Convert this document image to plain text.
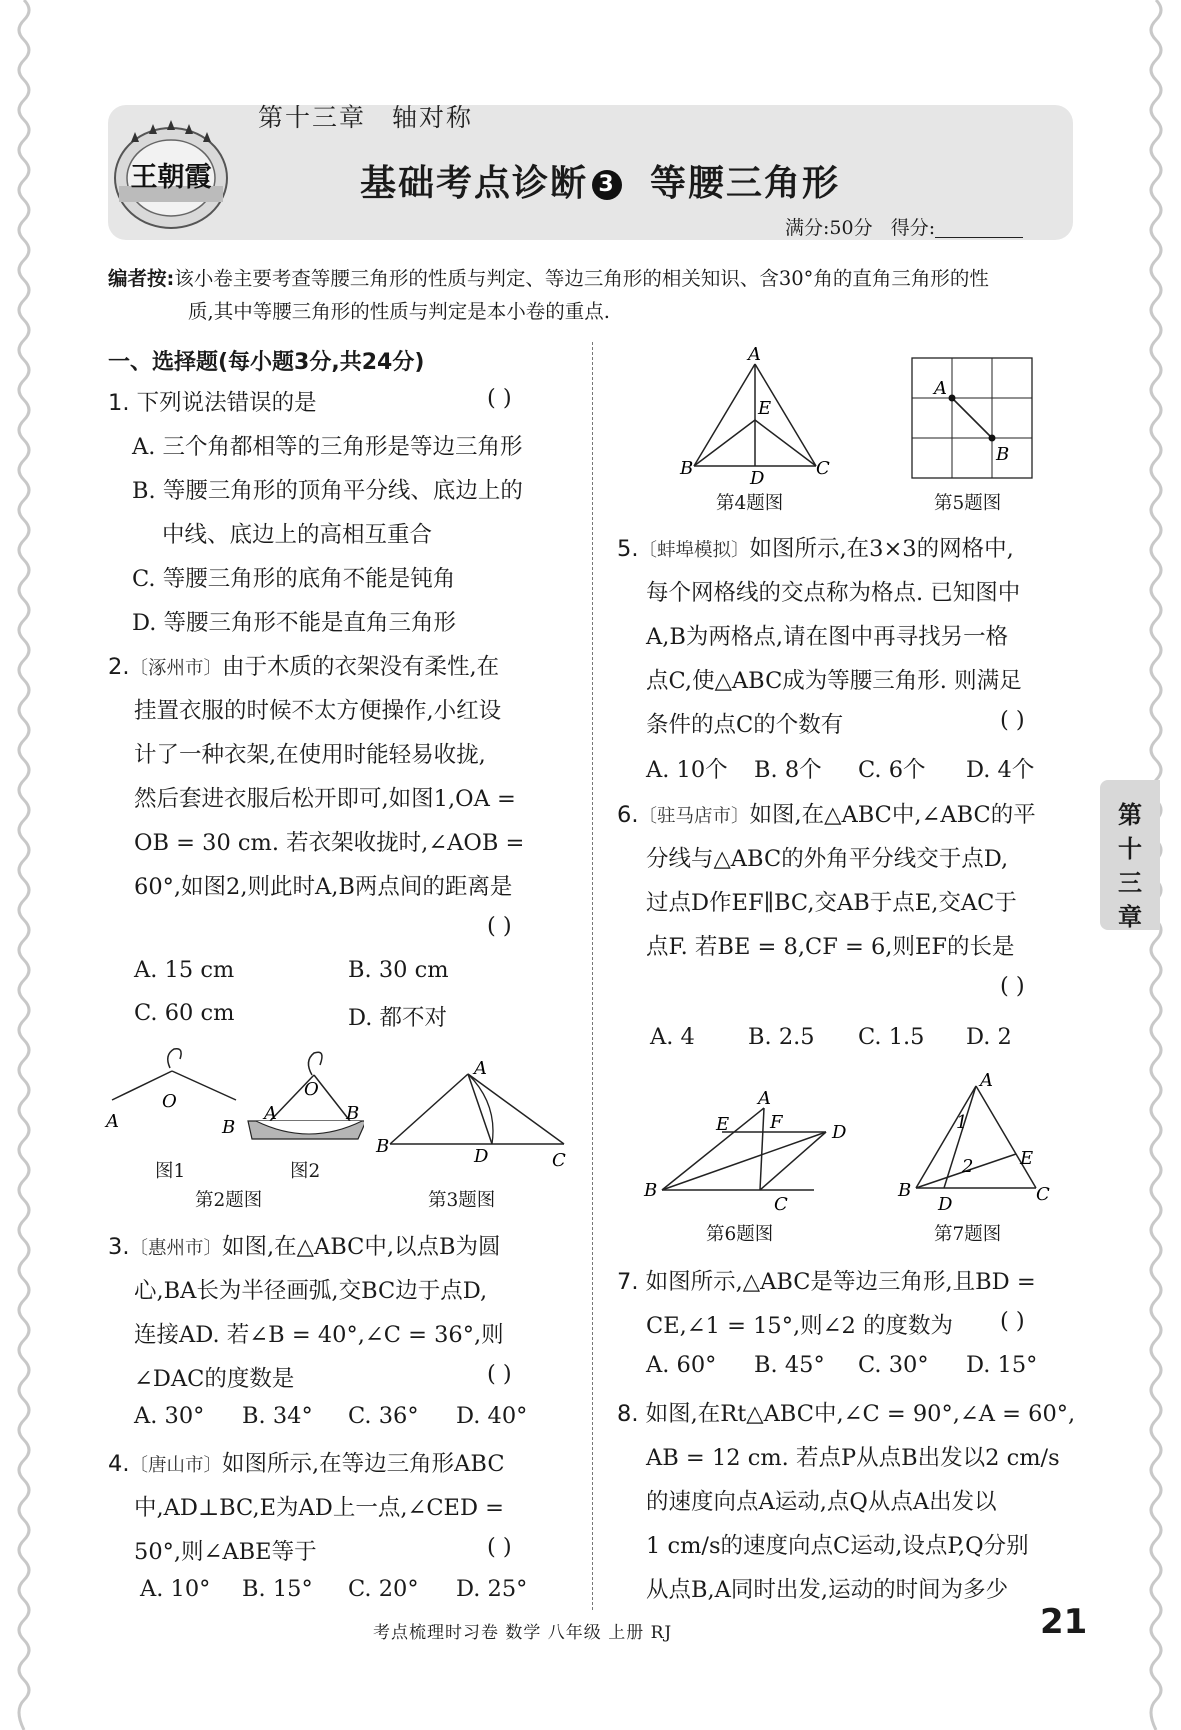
王朝霞
第十三章 轴对称
基础考点诊断 3 等腰三角形
满分:50分 得分:
编者按:该小卷主要考查等腰三角形的性质与判定、等边三角形的相关知识、含30°角的直角三角形的性
质,其中等腰三角形的性质与判定是本小卷的重点.
一、选择题(每小题3分,共24分)
1. 下列说法错误的是	( )
A. 三个角都相等的三角形是等边三角形
B. 等腰三角形的顶角平分线、底边上的
中线、底边上的高相互重合
C. 等腰三角形的底角不能是钝角
D. 等腰三角形不能是直角三角形
2.〔涿州市〕由于木质的衣架没有柔性,在
挂置衣服的时候不太方便操作,小红设
计了一种衣架,在使用时能轻易收拢,
然后套进衣服后松开即可,如图1,OA =
OB = 30 cm. 若衣架收拢时,∠AOB =
60°,如图2,则此时A,B两点间的距离是
( )
A. 15 cm	B. 30 cm
C. 60 cm	D. 都不对
O
A	B
O
A	B
图1	图2
第2题图
A
B	D	C
第3题图
3.〔惠州市〕如图,在△ABC中,以点B为圆
心,BA长为半径画弧,交BC边于点D,
连接AD. 若∠B = 40°,∠C = 36°,则
∠DAC的度数是	( )
A. 30° B. 34° C. 36° D. 40°
4.〔唐山市〕如图所示,在等边三角形ABC
中,AD⊥BC,E为AD上一点,∠CED =
50°,则∠ABE等于	( )
A. 10° B. 15° C. 20° D. 25°
A
E
B	D	C
第4题图
A
B
第5题图
5.〔蚌埠模拟〕如图所示,在3×3的网格中,
每个网格线的交点称为格点. 已知图中
A,B为两格点,请在图中再寻找另一格
点C,使△ABC成为等腰三角形. 则满足
条件的点C的个数有	( )
A. 10个 B. 8个 C. 6个 D. 4个
6.〔驻马店市〕如图,在△ABC中,∠ABC的平
分线与△ABC的外角平分线交于点D,
过点D作EF∥BC,交AB于点E,交AC于
点F. 若BE = 8,CF = 6,则EF的长是
( )
A. 4 B. 2.5 C. 1.5 D. 2
A
E F	D
B
C
第6题图
A
1
2	E
B
D	C
第7题图
7. 如图所示,△ABC是等边三角形,且BD =
CE,∠1 = 15°,则∠2 的度数为 ( )
A. 60° B. 45° C. 30° D. 15°
8. 如图,在Rt△ABC中,∠C = 90°,∠A = 60°,
AB = 12 cm. 若点P从点B出发以2 cm/s
的速度向点A运动,点Q从点A出发以
1 cm/s的速度向点C运动,设点P,Q分别
从点B,A同时出发,运动的时间为多少
第十三章
考点梳理时习卷 数学 八年级 上册 RJ	21
